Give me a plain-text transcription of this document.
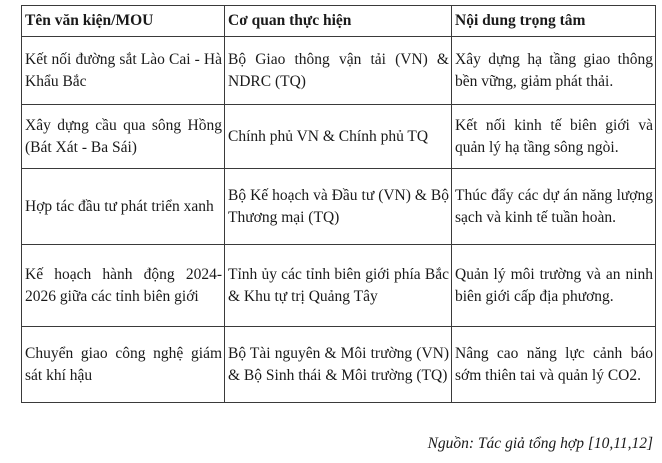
Tên văn kiện/MOU	Cơ quan thực hiện	Nội dung trọng tâm
Kết nối đường sắt Lào Cai - Hà Khẩu Bắc	Bộ Giao thông vận tải (VN) & NDRC (TQ)	Xây dựng hạ tầng giao thông bền vững, giảm phát thải.
Xây dựng cầu qua sông Hồng (Bát Xát - Ba Sái)	Chính phủ VN & Chính phủ TQ	Kết nối kinh tế biên giới và quản lý hạ tầng sông ngòi.
Hợp tác đầu tư phát triển xanh	Bộ Kế hoạch và Đầu tư (VN) & Bộ Thương mại (TQ)	Thúc đẩy các dự án năng lượng sạch và kinh tế tuần hoàn.
Kế hoạch hành động 2024-2026 giữa các tỉnh biên giới	Tỉnh ủy các tỉnh biên giới phía Bắc & Khu tự trị Quảng Tây	Quản lý môi trường và an ninh biên giới cấp địa phương.
Chuyển giao công nghệ giám sát khí hậu	Bộ Tài nguyên & Môi trường (VN) & Bộ Sinh thái & Môi trường (TQ)	Nâng cao năng lực cảnh báo sớm thiên tai và quản lý CO2.
Nguồn: Tác giả tổng hợp [10,11,12]
